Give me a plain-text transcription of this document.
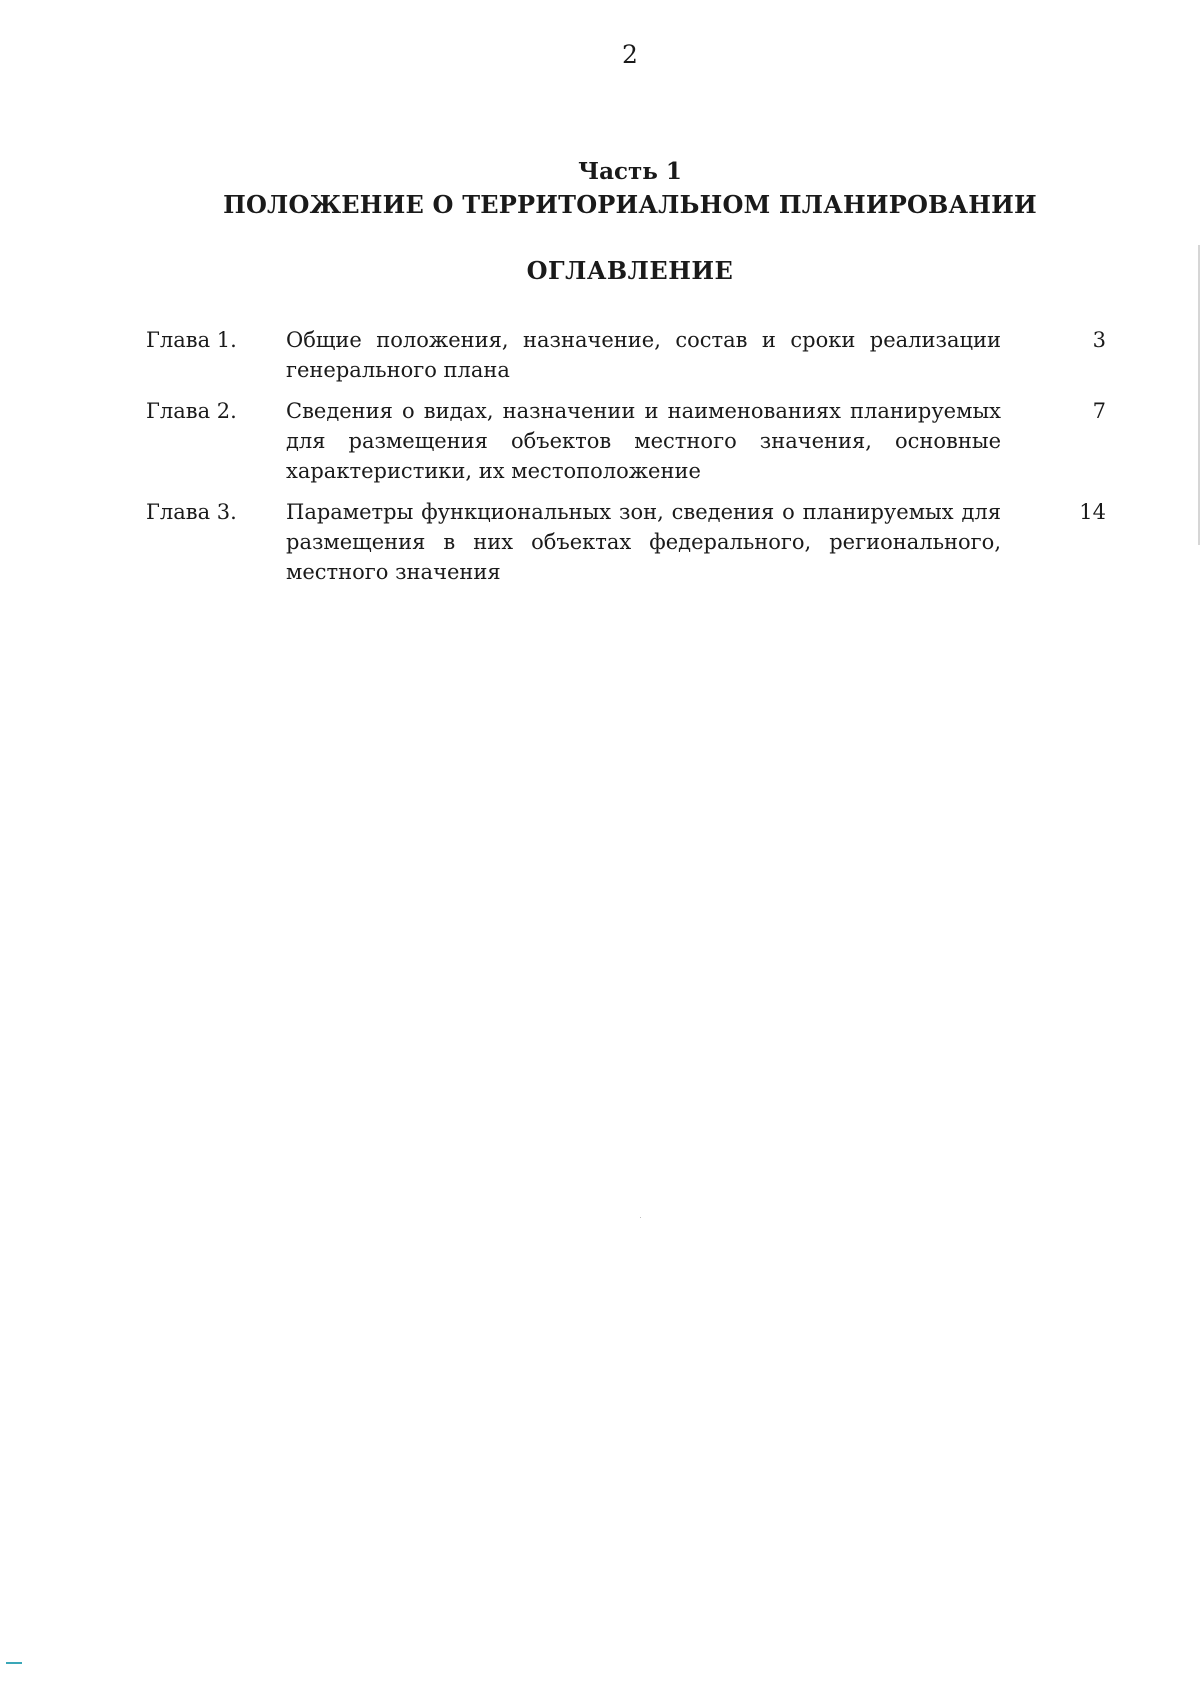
2
Часть 1
ПОЛОЖЕНИЕ О ТЕРРИТОРИАЛЬНОМ ПЛАНИРОВАНИИ
ОГЛАВЛЕНИЕ
Глава 1.	Общие положения, назначение, состав и сроки реализации генерального плана
3
Глава 2.	Сведения о видах, назначении и наименованиях планируемых для размещения объектов местного значения, основные характеристики, их местоположение
7
Глава 3.	Параметры функциональных зон, сведения о планируемых для размещения в них объектах федерального, регионального, местного значения
14
